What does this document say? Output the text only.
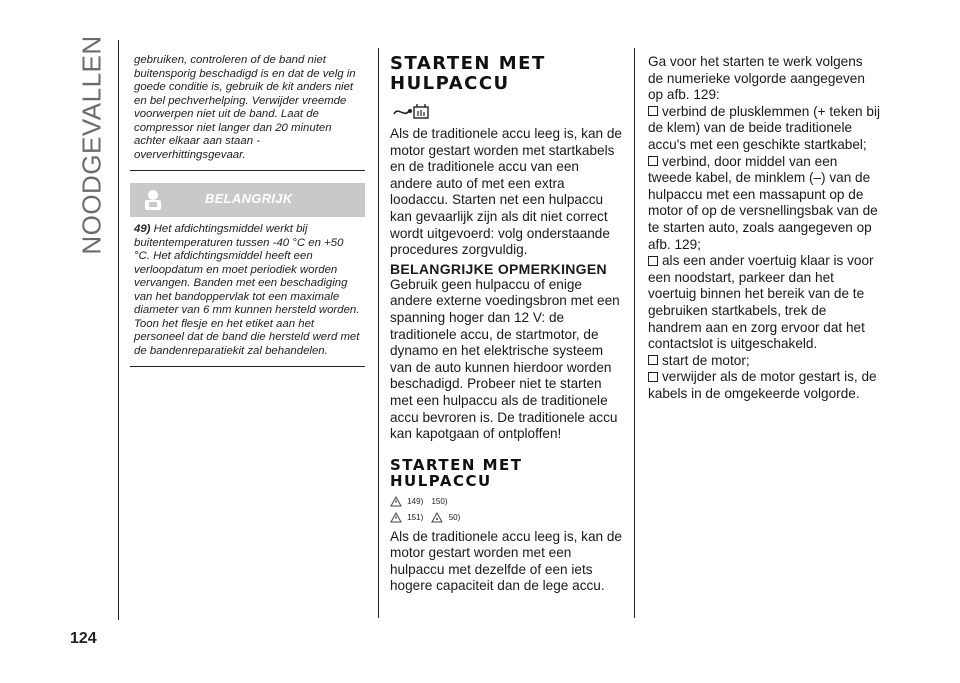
NOODGEVALLEN
124
gebruiken, controleren of de band niet buitensporig beschadigd is en dat de velg in goede conditie is, gebruik de kit anders niet en bel pechverhelping. Verwijder vreemde voorwerpen niet uit de band. Laat de compressor niet langer dan 20 minuten achter elkaar aan staan - oververhittingsgevaar.
BELANGRIJK
49) Het afdichtingsmiddel werkt bij buitentemperaturen tussen -40 °C en +50 °C. Het afdichtingsmiddel heeft een verloopdatum en moet periodiek worden vervangen. Banden met een beschadiging van het bandoppervlak tot een maximale diameter van 6 mm kunnen hersteld worden. Toon het flesje en het etiket aan het personeel dat de band die hersteld werd met de bandenreparatiekit zal behandelen.
STARTEN MET HULPACCU

Als de traditionele accu leeg is, kan de motor gestart worden met startkabels en de traditionele accu van een andere auto of met een extra loodaccu. Starten net een hulpaccu kan gevaarlijk zijn als dit niet correct wordt uitgevoerd: volg onderstaande procedures zorgvuldig.

BELANGRIJKE OPMERKINGEN

Gebruik geen hulpaccu of enige andere externe voedingsbron met een spanning hoger dan 12 V: de traditionele accu, de startmotor, de dynamo en het elektrische systeem van de auto kunnen hierdoor worden beschadigd. Probeer niet te starten met een hulpaccu als de traditionele accu bevroren is. De traditionele accu kan kapotgaan of ontploffen!

STARTEN MET HULPACCU
149) 150)
151)	50)

Als de traditionele accu leeg is, kan de motor gestart worden met een hulpaccu met dezelfde of een iets hogere capaciteit dan de lege accu.

Ga voor het starten te werk volgens de numerieke volgorde aangegeven op afb. 129:

verbind de plusklemmen (+ teken bij de klem) van de beide traditionele accu's met een geschikte startkabel;

verbind, door middel van een tweede kabel, de minklem (–) van de hulpaccu met een massapunt op de motor of op de versnellingsbak van de te starten auto, zoals aangegeven op afb. 129;

als een ander voertuig klaar is voor een noodstart, parkeer dan het voertuig binnen het bereik van de te gebruiken startkabels, trek de handrem aan en zorg ervoor dat het contactslot is uitgeschakeld.

start de motor;

verwijder als de motor gestart is, de kabels in de omgekeerde volgorde.
